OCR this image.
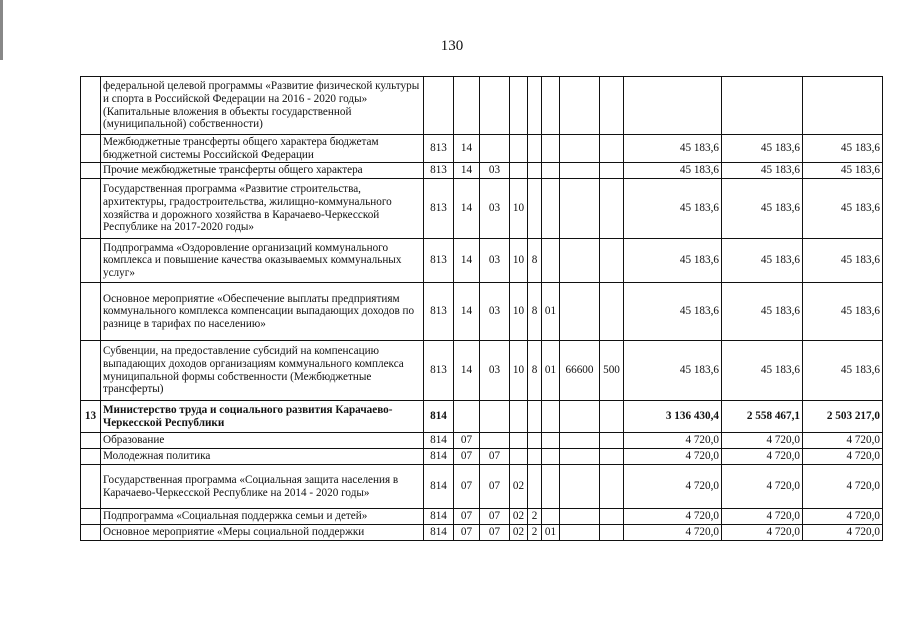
130
	федеральной целевой программы «Развитие физической культуры и спорта в Российской Федерации на 2016 - 2020 годы» (Капитальные вложения в объекты государственной (муниципальной) собственности)											
	Межбюджетные трансферты общего характера бюджетам бюджетной системы Российской Федерации	813	14							45 183,6	45 183,6	45 183,6
	Прочие межбюджетные трансферты общего характера	813	14	03						45 183,6	45 183,6	45 183,6
	Государственная программа «Развитие строительства, архитектуры, градостроительства, жилищно-коммунального хозяйства и дорожного хозяйства в Карачаево-Черкесской Республике на 2017-2020 годы»	813	14	03	10					45 183,6	45 183,6	45 183,6
	Подпрограмма «Оздоровление организаций коммунального комплекса и повышение качества оказываемых коммунальных услуг»	813	14	03	10	8				45 183,6	45 183,6	45 183,6
	Основное мероприятие «Обеспечение выплаты предприятиям коммунального комплекса компенсации выпадающих доходов по разнице в тарифах по населению»	813	14	03	10	8	01			45 183,6	45 183,6	45 183,6
	Субвенции, на предоставление субсидий на компенсацию выпадающих доходов организациям коммунального комплекса муниципальной формы собственности (Межбюджетные трансферты)	813	14	03	10	8	01	66600	500	45 183,6	45 183,6	45 183,6
13	Министерство труда и социального развития Карачаево-Черкесской Республики	814								3 136 430,4	2 558 467,1	2 503 217,0
	Образование	814	07							4 720,0	4 720,0	4 720,0
	Молодежная политика	814	07	07						4 720,0	4 720,0	4 720,0
	Государственная программа «Социальная защита населения в Карачаево-Черкесской Республике на 2014 - 2020 годы»	814	07	07	02					4 720,0	4 720,0	4 720,0
	Подпрограмма «Социальная поддержка семьи и детей»	814	07	07	02	2				4 720,0	4 720,0	4 720,0
	Основное мероприятие «Меры социальной поддержки	814	07	07	02	2	01			4 720,0	4 720,0	4 720,0
